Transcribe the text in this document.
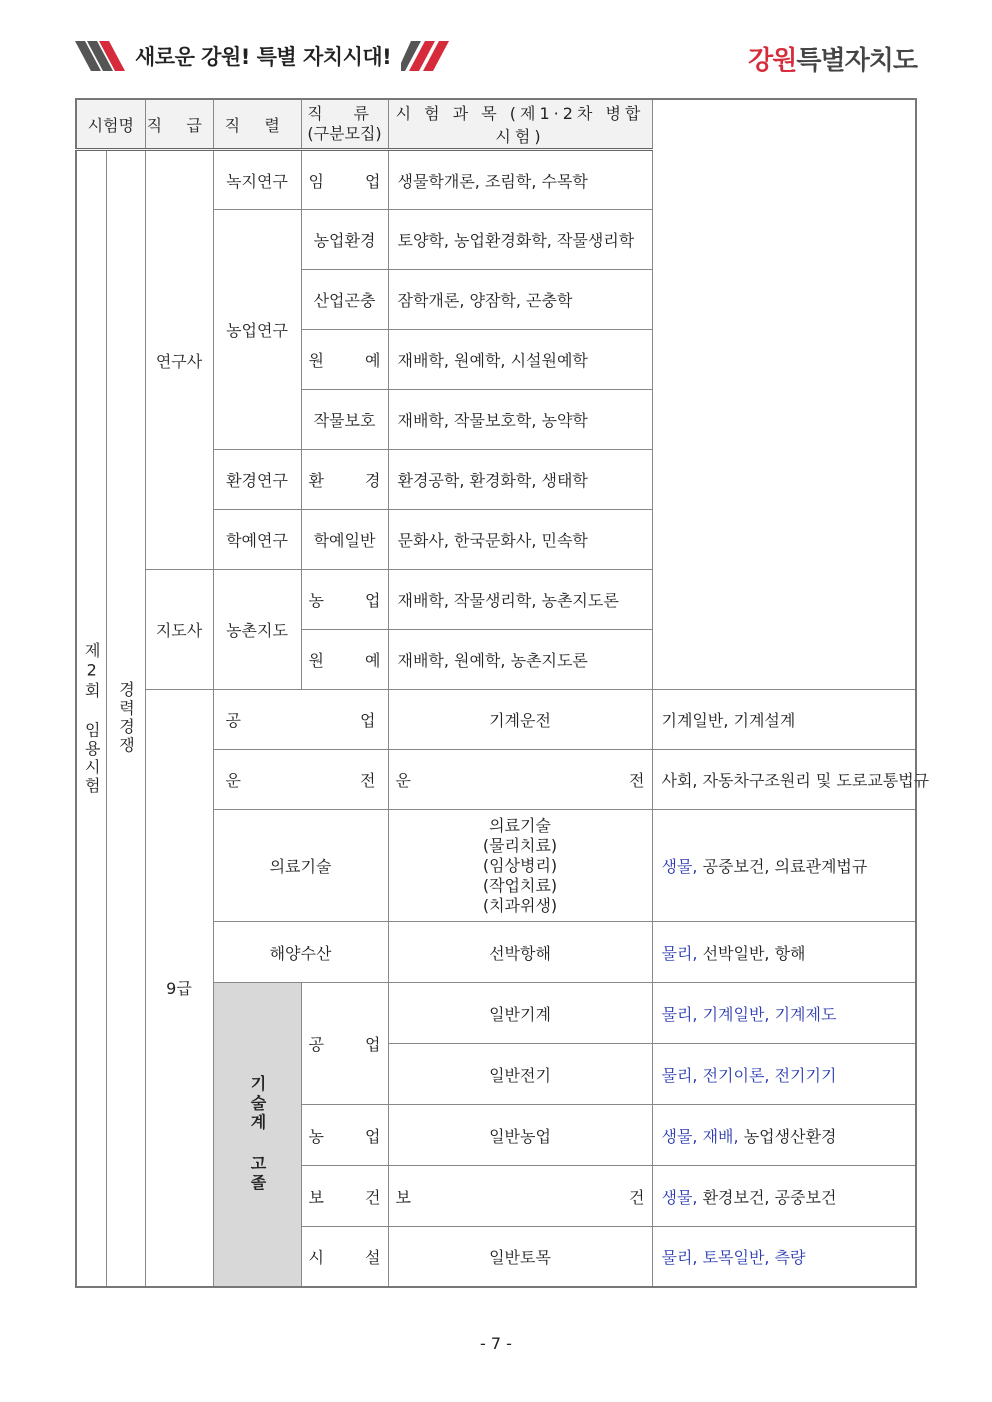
새로운 강원! 특별 자치시대!	강원특별자치도
시험명		직 급	직 렬	직 류
(구분모집)	시 험 과 목 (제1·2차 병합시험)	

제2회 임용시험	경력경쟁	연구사	녹지연구	임 업	생물학개론, 조림학, 수목학	
			농업연구	농업환경	토양학, 농업환경화학, 작물생리학	
				산업곤충	잠학개론, 양잠학, 곤충학	

				원 예	재배학, 원예학, 시설원예학	
				작물보호	재배학, 작물보호학, 농약학	
			환경연구	환 경	환경공학, 환경화학, 생태학	
			학예연구	학예일반	문화사, 한국문화사, 민속학	
		지도사	농촌지도	농 업	재배학, 작물생리학, 농촌지도론	

				원 예	재배학, 원예학, 농촌지도론	
		9급	공 업		기계운전	기계일반, 기계설계

			운 전		운 전	사회, 자동차구조원리 및 도로교통법규
			의료기술		의료기술
(물리치료)
(임상병리)
(작업치료)
(치과위생)	생물, 공중보건, 의료관계법규
			해양수산		선박항해	물리, 선박일반, 항해

			기술계 고졸	공 업	일반기계	물리, 기계일반, 기계제도
					일반전기	물리, 전기이론, 전기기기

				농 업	일반농업	생물, 재배, 농업생산환경

				보 건	보 건	생물, 환경보건, 공중보건

				시 설	일반토목	물리, 토목일반, 측량
- 7 -
